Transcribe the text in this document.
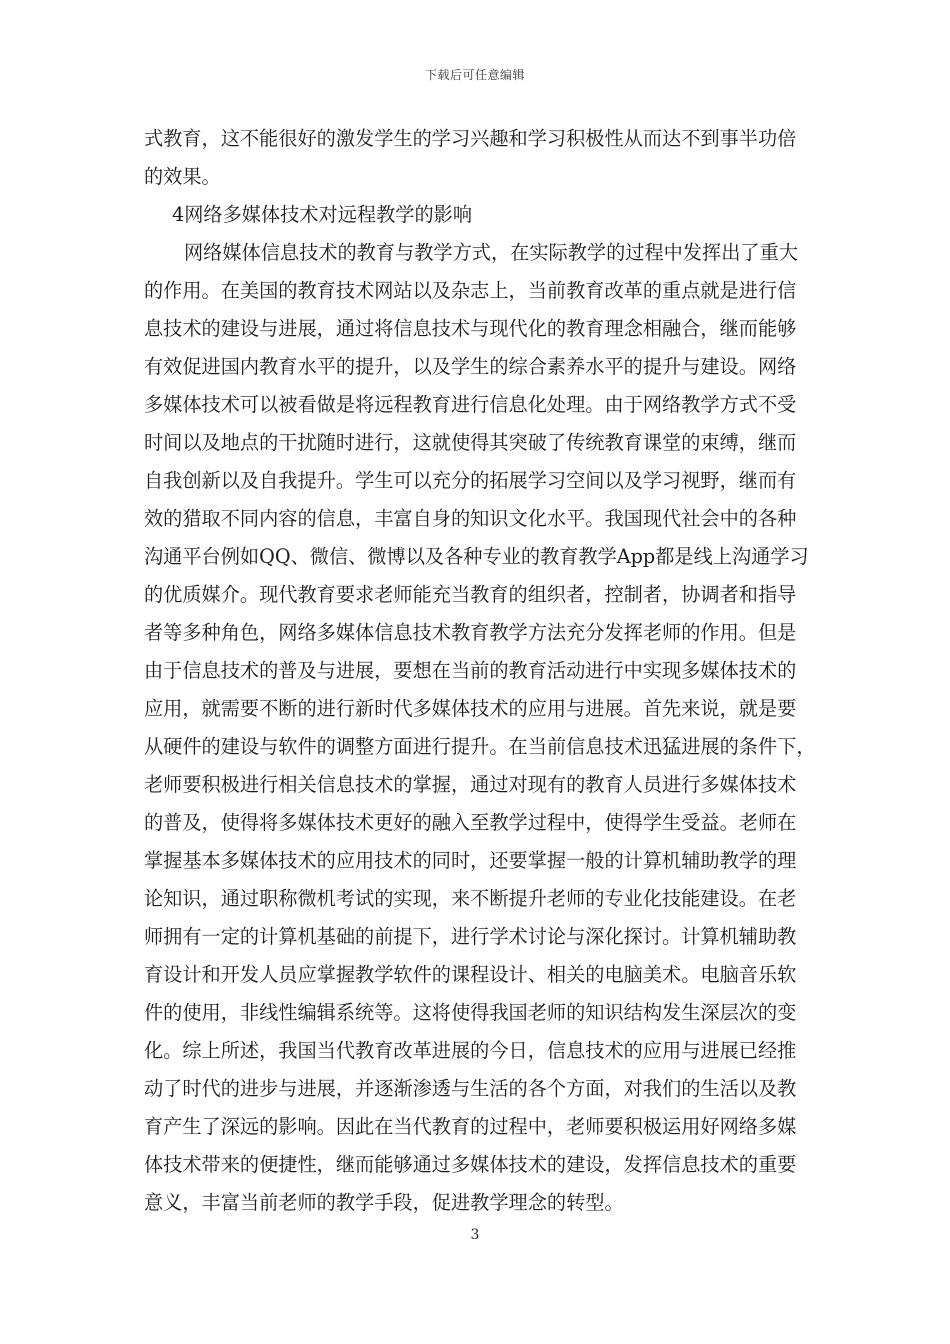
下载后可任意编辑

式教育，这不能很好的激发学生的学习兴趣和学习积极性从而达不到事半功倍

的效果。

4网络多媒体技术对远程教学的影响

网络媒体信息技术的教育与教学方式，在实际教学的过程中发挥出了重大

的作用。在美国的教育技术网站以及杂志上，当前教育改革的重点就是进行信

息技术的建设与进展，通过将信息技术与现代化的教育理念相融合，继而能够

有效促进国内教育水平的提升，以及学生的综合素养水平的提升与建设。网络

多媒体技术可以被看做是将远程教育进行信息化处理。由于网络教学方式不受

时间以及地点的干扰随时进行，这就使得其突破了传统教育课堂的束缚，继而

自我创新以及自我提升。学生可以充分的拓展学习空间以及学习视野，继而有

效的猎取不同内容的信息，丰富自身的知识文化水平。我国现代社会中的各种

沟通平台例如QQ、微信、微博以及各种专业的教育教学App都是线上沟通学习

的优质媒介。现代教育要求老师能充当教育的组织者，控制者，协调者和指导

者等多种角色，网络多媒体信息技术教育教学方法充分发挥老师的作用。但是

由于信息技术的普及与进展，要想在当前的教育活动进行中实现多媒体技术的

应用，就需要不断的进行新时代多媒体技术的应用与进展。首先来说，就是要

从硬件的建设与软件的调整方面进行提升。在当前信息技术迅猛进展的条件下，

老师要积极进行相关信息技术的掌握，通过对现有的教育人员进行多媒体技术

的普及，使得将多媒体技术更好的融入至教学过程中，使得学生受益。老师在

掌握基本多媒体技术的应用技术的同时，还要掌握一般的计算机辅助教学的理

论知识，通过职称微机考试的实现，来不断提升老师的专业化技能建设。在老

师拥有一定的计算机基础的前提下，进行学术讨论与深化探讨。计算机辅助教

育设计和开发人员应掌握教学软件的课程设计、相关的电脑美术。电脑音乐软

件的使用，非线性编辑系统等。这将使得我国老师的知识结构发生深层次的变

化。综上所述，我国当代教育改革进展的今日，信息技术的应用与进展已经推

动了时代的进步与进展，并逐渐渗透与生活的各个方面，对我们的生活以及教

育产生了深远的影响。因此在当代教育的过程中，老师要积极运用好网络多媒

体技术带来的便捷性，继而能够通过多媒体技术的建设，发挥信息技术的重要

意义，丰富当前老师的教学手段，促进教学理念的转型。

3
